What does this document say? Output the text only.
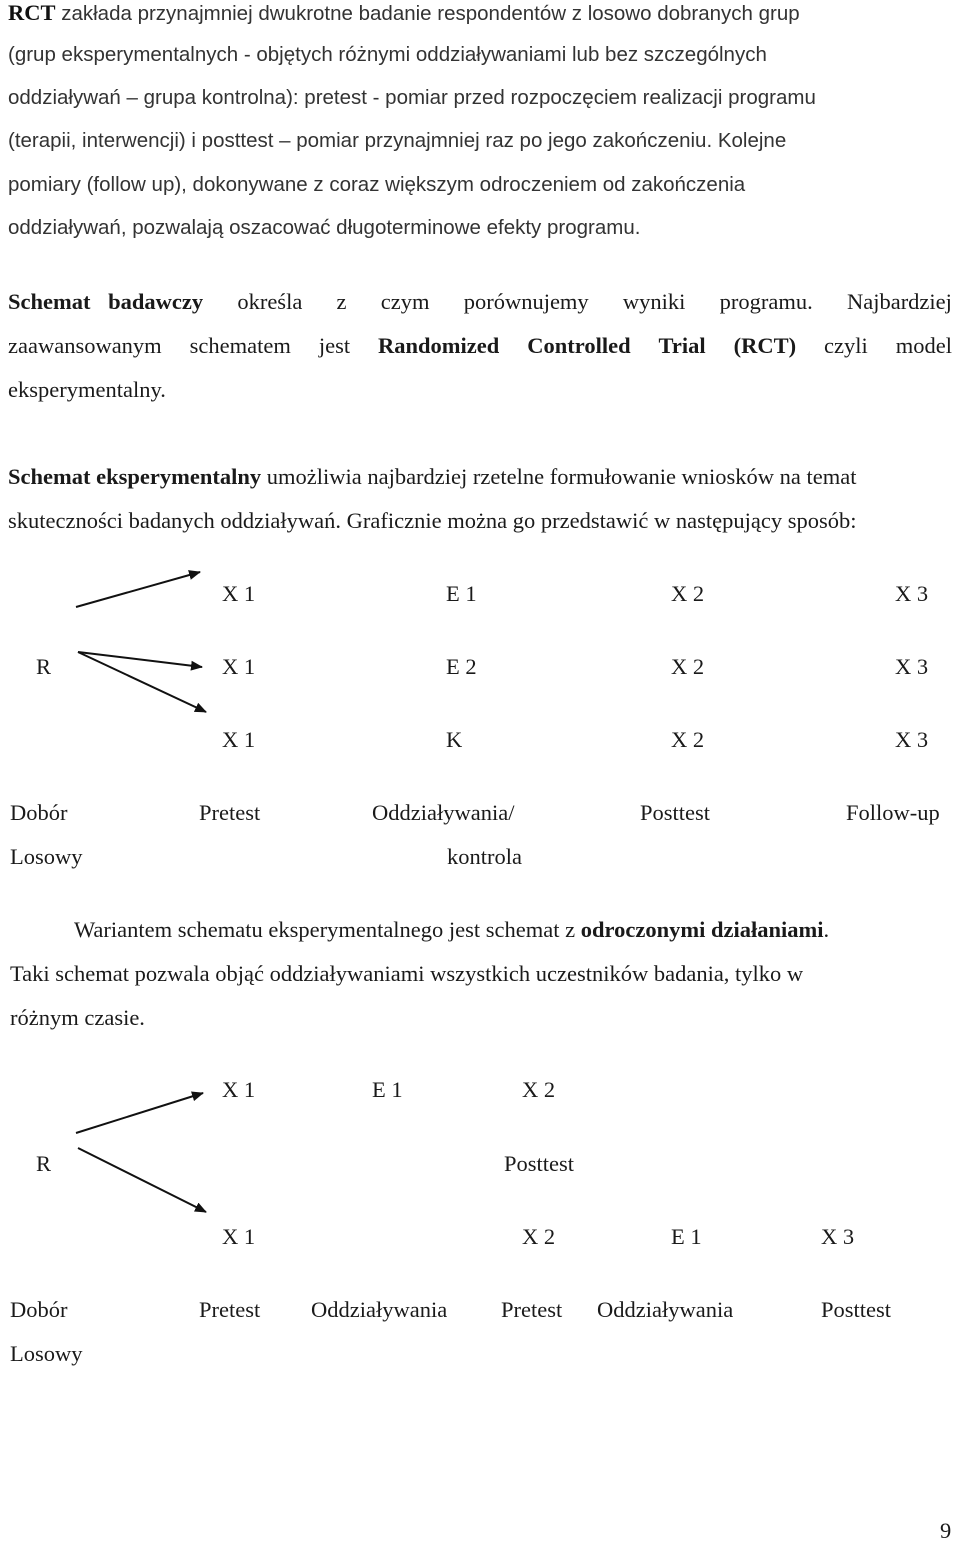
RCT zakłada przynajmniej dwukrotne badanie respondentów z losowo dobranych grup
(grup eksperymentalnych - objętych różnymi oddziaływaniami lub bez szczególnych
oddziaływań – grupa kontrolna): pretest - pomiar przed rozpoczęciem realizacji programu
(terapii, interwencji) i posttest – pomiar przynajmniej raz po jego zakończeniu. Kolejne
pomiary (follow up), dokonywane z coraz większym odroczeniem od zakończenia
oddziaływań, pozwalają oszacować długoterminowe efekty programu.
Schemat badawczy określa z czym porównujemy wyniki programu. Najbardziej
zaawansowanym schematem jest Randomized Controlled Trial (RCT) czyli model
eksperymentalny.
Schemat eksperymentalny umożliwia najbardziej rzetelne formułowanie wniosków na temat
skuteczności badanych oddziaływań. Graficznie można go przedstawić w następujący sposób:
R
X 1	E 1	X 2	X 3
X 1	E 2	X 2	X 3
X 1	K	X 2	X 3
Dobór	Pretest	Oddziaływania/	Posttest	Follow-up
Losowy	kontrola
Wariantem schematu eksperymentalnego jest schemat z odroczonymi działaniami.
Taki schemat pozwala objąć oddziaływaniami wszystkich uczestników badania, tylko w
różnym czasie.
R
X 1	E 1	X 2
Posttest
X 1	X 2	E 1	X 3
Dobór	Pretest Oddziaływania Pretest Oddziaływania	Posttest
Losowy
9
